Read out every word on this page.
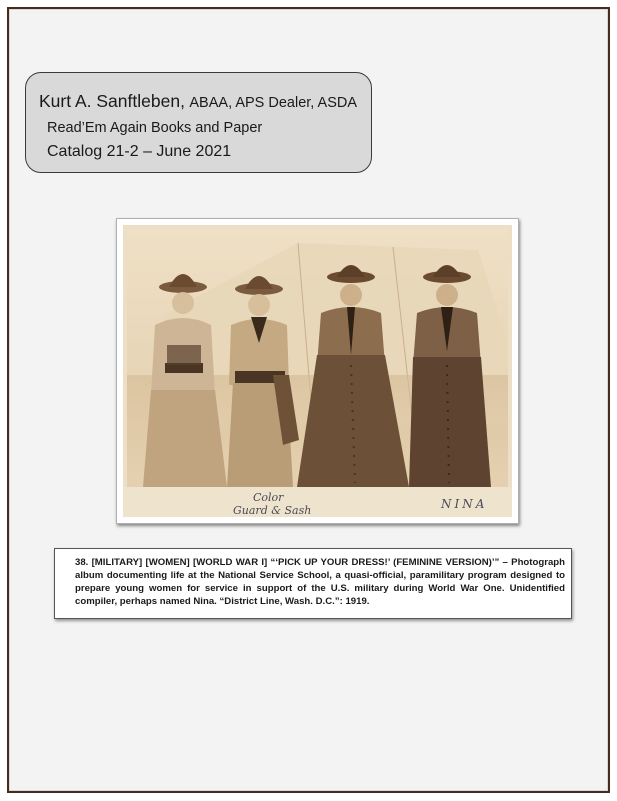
Kurt A. Sanftleben, ABAA, APS Dealer, ASDA
Read’Em Again Books and Paper
Catalog 21-2 – June 2021
Color
Guard & Sash	NINA
38. [MILITARY] [WOMEN] [WORLD WAR I] “‘PICK UP YOUR DRESS!’ (FEMININE VERSION)’” – Photograph album documenting life at the National Service School, a quasi-official, paramilitary program designed to prepare young women for service in support of the U.S. military during World War One. Unidentified compiler, perhaps named Nina. “District Line, Wash. D.C.”: 1919.
